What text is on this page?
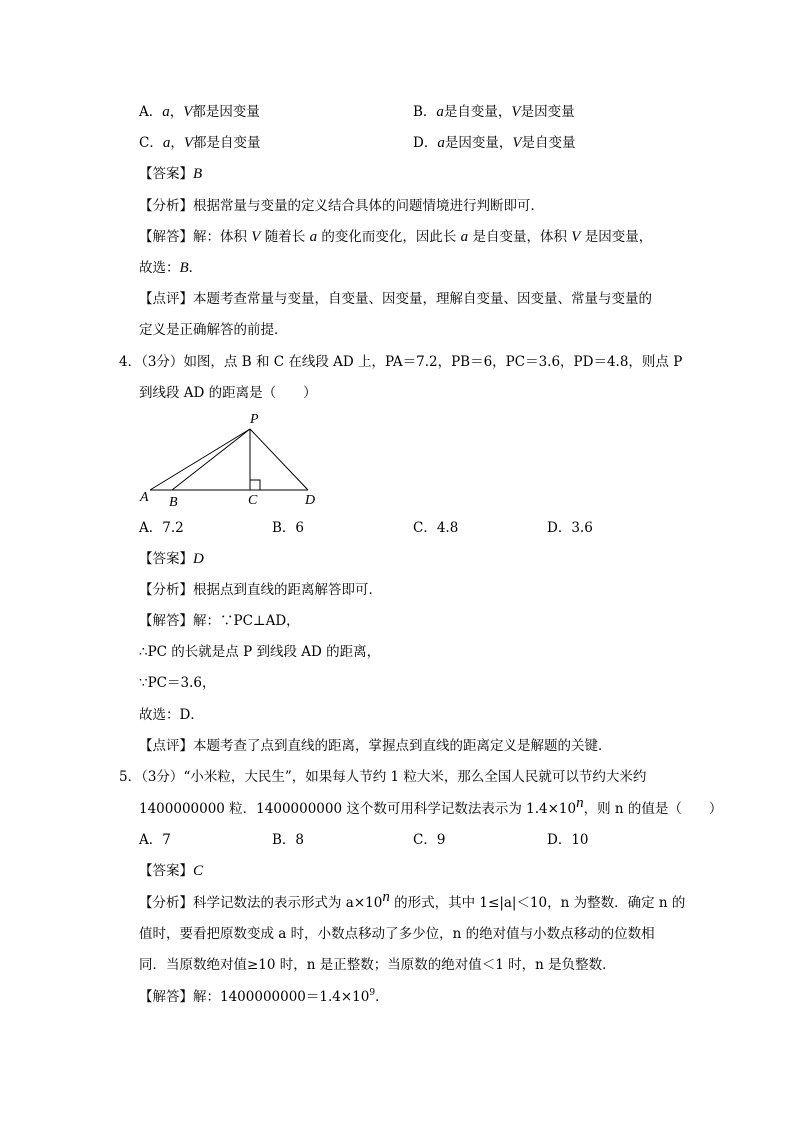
A．a，V都是因变量	B．a是自变量，V是因变量
C．a，V都是自变量	D．a是因变量，V是自变量
【答案】B
【分析】根据常量与变量的定义结合具体的问题情境进行判断即可．
【解答】解：体积 V 随着长 a 的变化而变化，因此长 a 是自变量，体积 V 是因变量，
故选：B．
【点评】本题考查常量与变量，自变量、因变量，理解自变量、因变量、常量与变量的
定义是正确解答的前提．
4．（3分）如图，点 B 和 C 在线段 AD 上，PA＝7.2，PB＝6，PC＝3.6，PD＝4.8，则点 P
到线段 AD 的距离是（　　）
P
A B	C	D
A．7.2	B．6	C．4.8	D．3.6
【答案】D
【分析】根据点到直线的距离解答即可．
【解答】解：∵PC⊥AD，
∴PC 的长就是点 P 到线段 AD 的距离，
∵PC＝3.6，
故选：D．
【点评】本题考查了点到直线的距离，掌握点到直线的距离定义是解题的关键．
5．（3分）“小米粒，大民生”，如果每人节约 1 粒大米，那么全国人民就可以节约大米约
1400000000 粒．1400000000 这个数可用科学记数法表示为 $1.4\times 10^n$，则 n 的值是（　　）
A．7	B．8	C．9	D．10
【答案】C
【分析】科学记数法的表示形式为 $a\times 10^n$ 的形式，其中 1≤|a|＜10，n 为整数．确定 n 的
值时，要看把原数变成 a 时，小数点移动了多少位，n 的绝对值与小数点移动的位数相
同．当原数绝对值≥10 时，n 是正整数；当原数的绝对值＜1 时，n 是负整数．
【解答】解：$1400000000=1.4\times 10^9$．
